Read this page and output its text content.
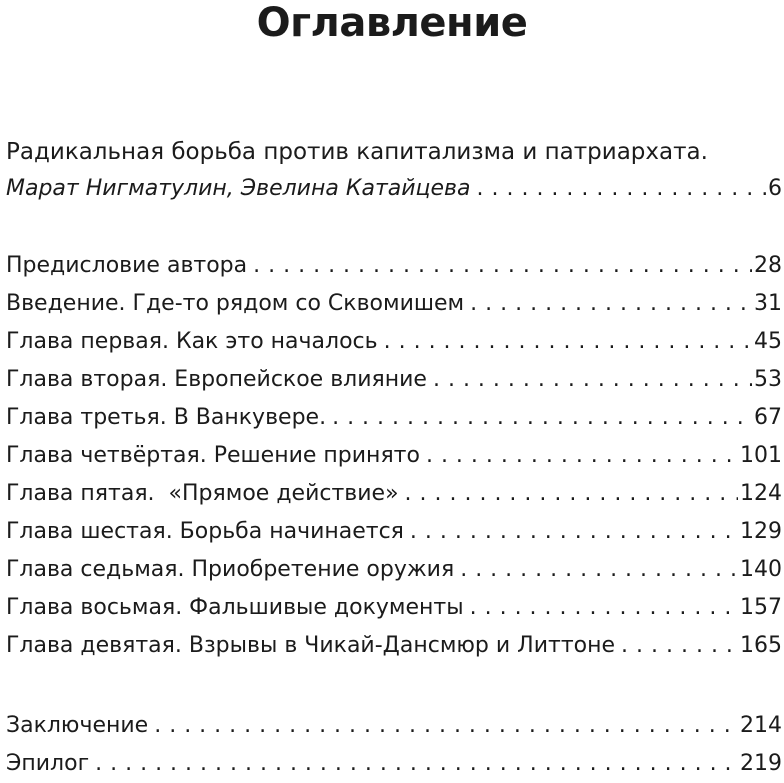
Оглавление
Радикальная борьба против капитализма и патриархата.
Марат Нигматулин, Эвелина Катайцева . . .	6
Предисловие автора . . .	28
Введение. Где-то рядом со Сквомишем . . .	31
Глава первая. Как это началось . . .	45
Глава вторая. Европейское влияние . . .	53
Глава третья. В Ванкувере. . . .	67
Глава четвёртая. Решение принято . . .	101
Глава пятая.  «Прямое действие» . . .	124
Глава шестая. Борьба начинается . . .	129
Глава седьмая. Приобретение оружия . . .	140
Глава восьмая. Фальшивые документы . . .	157
Глава девятая. Взрывы в Чикай-Дансмюр и Литтоне . . .	165
Заключение . . .	214
Эпилог . . .	219
